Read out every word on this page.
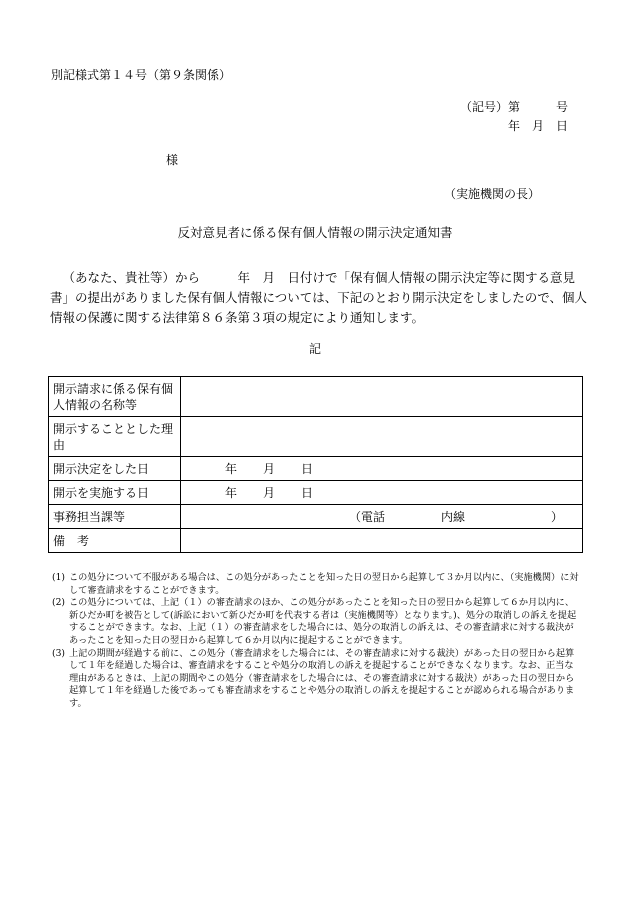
別記様式第１４号（第９条関係）
（記号）第　　　号
年　月　日
様
（実施機関の長）
反対意見者に係る保有個人情報の開示決定通知書
（あなた、貴社等）から　　　年　月　日付けで「保有個人情報の開示決定等に関する意見書」の提出がありました保有個人情報については、下記のとおり開示決定をしましたので、個人情報の保護に関する法律第８６条第３項の規定により通知します。
記
開示請求に係る保有個人情報の名称等	
開示することとした理由	
開示決定をした日	年 月 日
開示を実施する日	年 月 日
事務担当課等	（電話 内線 ）
備　考	
(1) この処分について不服がある場合は、この処分があったことを知った日の翌日から起算して３か月以内に、（実施機関）に対して審査請求をすることができます。
(2) この処分については、上記（１）の審査請求のほか、この処分があったことを知った日の翌日から起算して６か月以内に、新ひだか町を被告として(訴訟において新ひだか町を代表する者は（実施機関等）となります。)、処分の取消しの訴えを提起することができます。なお、上記（１）の審査請求をした場合には、処分の取消しの訴えは、その審査請求に対する裁決があったことを知った日の翌日から起算して６か月以内に提起することができます。
(3) 上記の期間が経過する前に、この処分（審査請求をした場合には、その審査請求に対する裁決）があった日の翌日から起算して１年を経過した場合は、審査請求をすることや処分の取消しの訴えを提起することができなくなります。なお、正当な理由があるときは、上記の期間やこの処分（審査請求をした場合には、その審査請求に対する裁決）があった日の翌日から起算して１年を経過した後であっても審査請求をすることや処分の取消しの訴えを提起することが認められる場合があります。
